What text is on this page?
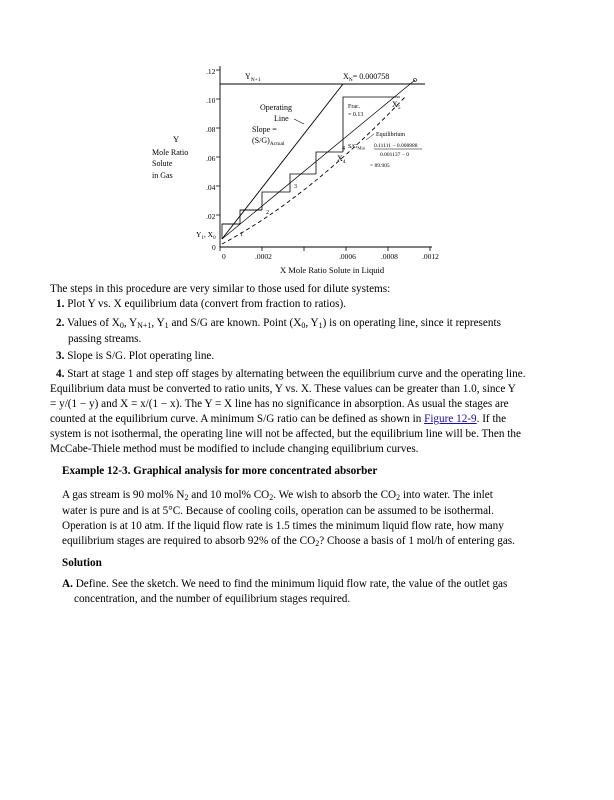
Y
Mole Ratio
Solute
in Gas
.12
.10
.08
.06
.04
.02
0
0	.0002	.0006	.0008	.0012
X Mole Ratio Solute in Liquid
$Y_{N+1}$	$X_N= 0.000758$
1
2
3
4
$Y_1$, $X_0$
Operating
Line
Slope =
$(S/G)_{Actual}$
Frac.
= 0.13
$X_5$
$X_4$
Equilibrium
$S/G_{Min}$ 0.11111 − 0.008888
0.001137 − 0
= 89.905
The steps in this procedure are very similar to those used for dilute systems:
1. Plot Y vs. X equilibrium data (convert from fraction to ratios).
2. Values of $X_0$, $Y_{N+1}$, $Y_1$ and S/G are known. Point ($X_0$, $Y_1$) is on operating line, since it represents
passing streams.
3. Slope is S/G. Plot operating line.
4. Start at stage 1 and step off stages by alternating between the equilibrium curve and the operating line.
Equilibrium data must be converted to ratio units, Y vs. X. These values can be greater than 1.0, since Y
= y/(1 − y) and X = x/(1 − x). The Y = X line has no significance in absorption. As usual the stages are
counted at the equilibrium curve. A minimum S/G ratio can be defined as shown in Figure 12-9. If the
system is not isothermal, the operating line will not be affected, but the equilibrium line will be. Then the
McCabe-Thiele method must be modified to include changing equilibrium curves.
Example 12-3. Graphical analysis for more concentrated absorber
A gas stream is 90 mol% $N_2$ and 10 mol% $CO_2$. We wish to absorb the $CO_2$ into water. The inlet
water is pure and is at 5°C. Because of cooling coils, operation can be assumed to be isothermal.
Operation is at 10 atm. If the liquid flow rate is 1.5 times the minimum liquid flow rate, how many
equilibrium stages are required to absorb 92% of the $CO_2$? Choose a basis of 1 mol/h of entering gas.
Solution
A. Define. See the sketch. We need to find the minimum liquid flow rate, the value of the outlet gas
concentration, and the number of equilibrium stages required.
